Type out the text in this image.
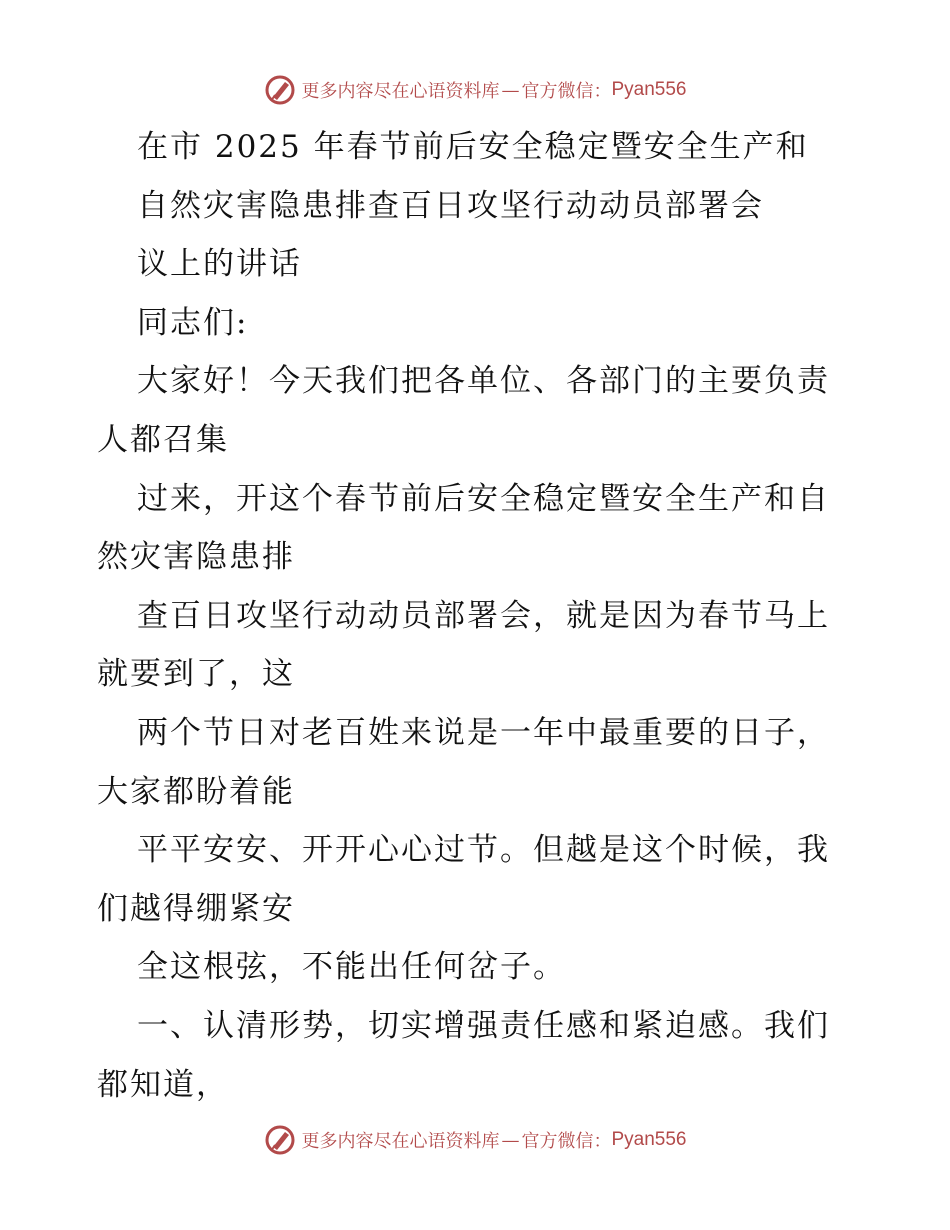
更多内容尽在心语资料库 — 官方微信： Pyan556
在市 2025 年春节前后安全稳定暨安全生产和
自然灾害隐患排查百日攻坚行动动员部署会
议上的讲话
同志们:
大家好！今天我们把各单位、各部门的主要负责
人都召集
过来，开这个春节前后安全稳定暨安全生产和自
然灾害隐患排
查百日攻坚行动动员部署会，就是因为春节马上
就要到了，这
两个节日对老百姓来说是一年中最重要的日子，
大家都盼着能
平平安安、开开心心过节。但越是这个时候，我
们越得绷紧安
全这根弦，不能出任何岔子。
一、认清形势，切实增强责任感和紧迫感。我们
都知道，
更多内容尽在心语资料库 — 官方微信： Pyan556
